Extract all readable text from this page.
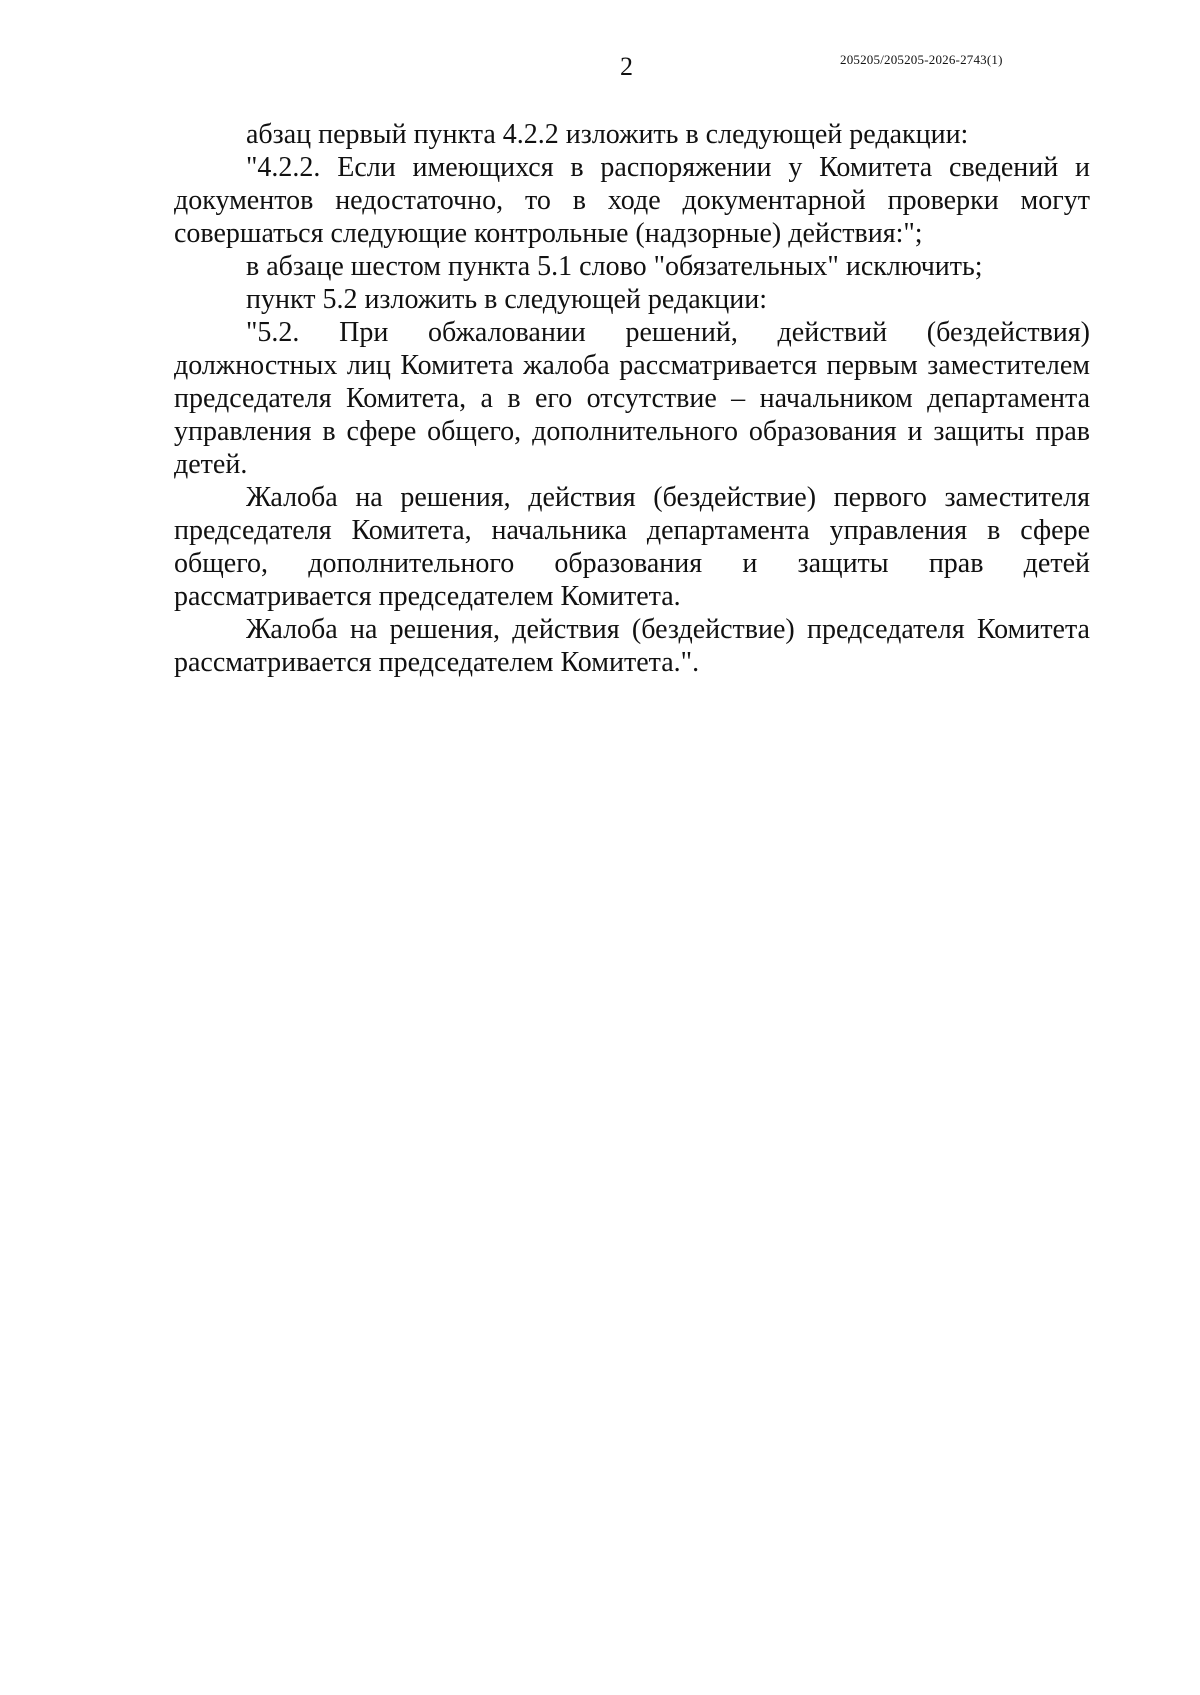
2	205205/205205-2026-2743(1)

абзац первый пункта 4.2.2 изложить в следующей редакции:

"4.2.2. Если имеющихся в распоряжении у Комитета сведений и документов недостаточно, то в ходе документарной проверки могут совершаться следующие контрольные (надзорные) действия:";

в абзаце шестом пункта 5.1 слово "обязательных" исключить;

пункт 5.2 изложить в следующей редакции:

"5.2. При обжаловании решений, действий (бездействия) должностных лиц Комитета жалоба рассматривается первым заместителем председателя Комитета, а в его отсутствие – начальником департамента управления в сфере общего, дополнительного образования и защиты прав детей.

Жалоба на решения, действия (бездействие) первого заместителя председателя Комитета, начальника департамента управления в сфере общего, дополнительного образования и защиты прав детей рассматривается председателем Комитета.

Жалоба на решения, действия (бездействие) председателя Комитета рассматривается председателем Комитета.".
